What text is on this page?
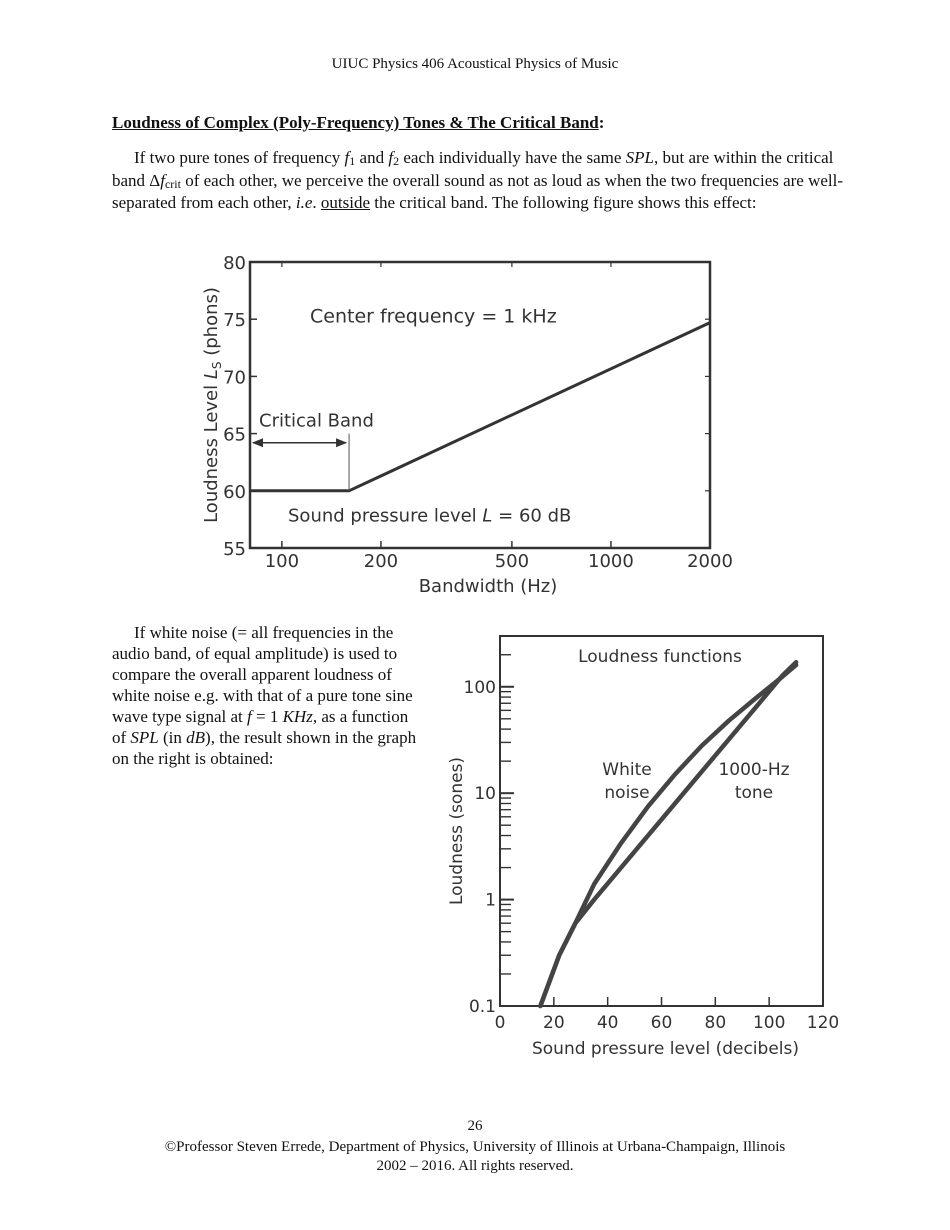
UIUC Physics 406 Acoustical Physics of Music
Loudness of Complex (Poly-Frequency) Tones & The Critical Band:
If two pure tones of frequency $f_1$ and $f_2$ each individually have the same SPL, but are within the critical band $\Delta f_{crit}$ of each other, we perceive the overall sound as not as loud as when the two frequencies are well-separated from each other, i.e. outside the critical band. The following figure shows this effect:
55
60
65
70
75
80
100	200	500	1000	2000
Center frequency = 1 kHz
Critical Band
Sound pressure level L = 60 dB
Bandwidth (Hz)
Loudness Level $L_S$ (phons)
If white noise (= all frequencies in the audio band, of equal amplitude) is used to compare the overall apparent loudness of white noise e.g. with that of a pure tone sine wave type signal at f = 1 KHz, as a function of SPL (in dB), the result shown in the graph on the right is obtained:
0 20 40 60 80 100 120
0.1
1
10
100
Loudness functions
White
noise
1000-Hz
tone
Sound pressure level (decibels)
Loudness (sones)
26
©Professor Steven Errede, Department of Physics, University of Illinois at Urbana-Champaign, Illinois
2002 – 2016. All rights reserved.
